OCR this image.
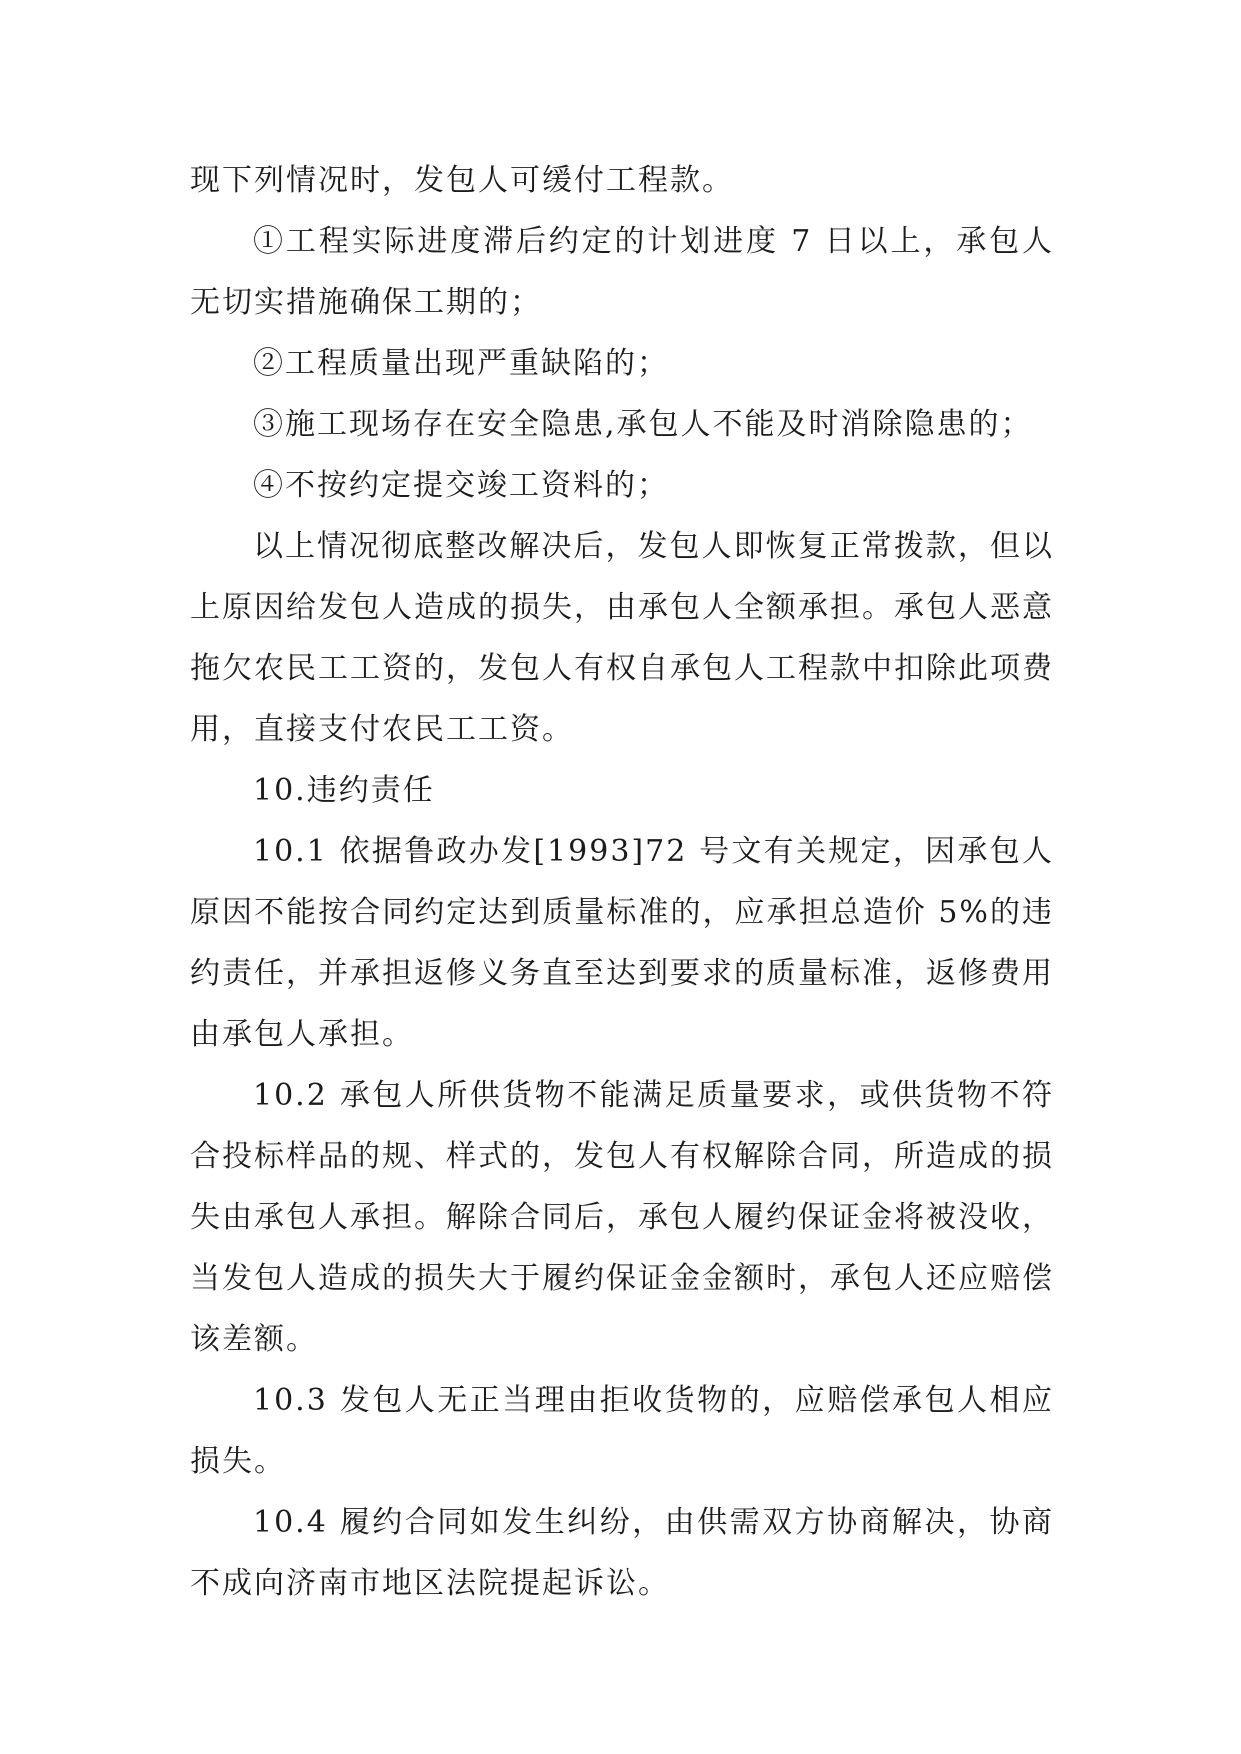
现下列情况时，发包人可缓付工程款。

①工程实际进度滞后约定的计划进度 7 日以上，承包人无切实措施确保工期的；

②工程质量出现严重缺陷的；

③施工现场存在安全隐患,承包人不能及时消除隐患的；

④不按约定提交竣工资料的；

以上情况彻底整改解决后，发包人即恢复正常拨款，但以上原因给发包人造成的损失，由承包人全额承担。承包人恶意拖欠农民工工资的，发包人有权自承包人工程款中扣除此项费用，直接支付农民工工资。

10.违约责任

10.1 依据鲁政办发[1993]72 号文有关规定，因承包人原因不能按合同约定达到质量标准的，应承担总造价 5%的违约责任，并承担返修义务直至达到要求的质量标准，返修费用由承包人承担。

10.2 承包人所供货物不能满足质量要求，或供货物不符合投标样品的规、样式的，发包人有权解除合同，所造成的损失由承包人承担。解除合同后，承包人履约保证金将被没收，当发包人造成的损失大于履约保证金金额时，承包人还应赔偿该差额。

10.3 发包人无正当理由拒收货物的，应赔偿承包人相应损失。

10.4 履约合同如发生纠纷，由供需双方协商解决，协商不成向济南市地区法院提起诉讼。
